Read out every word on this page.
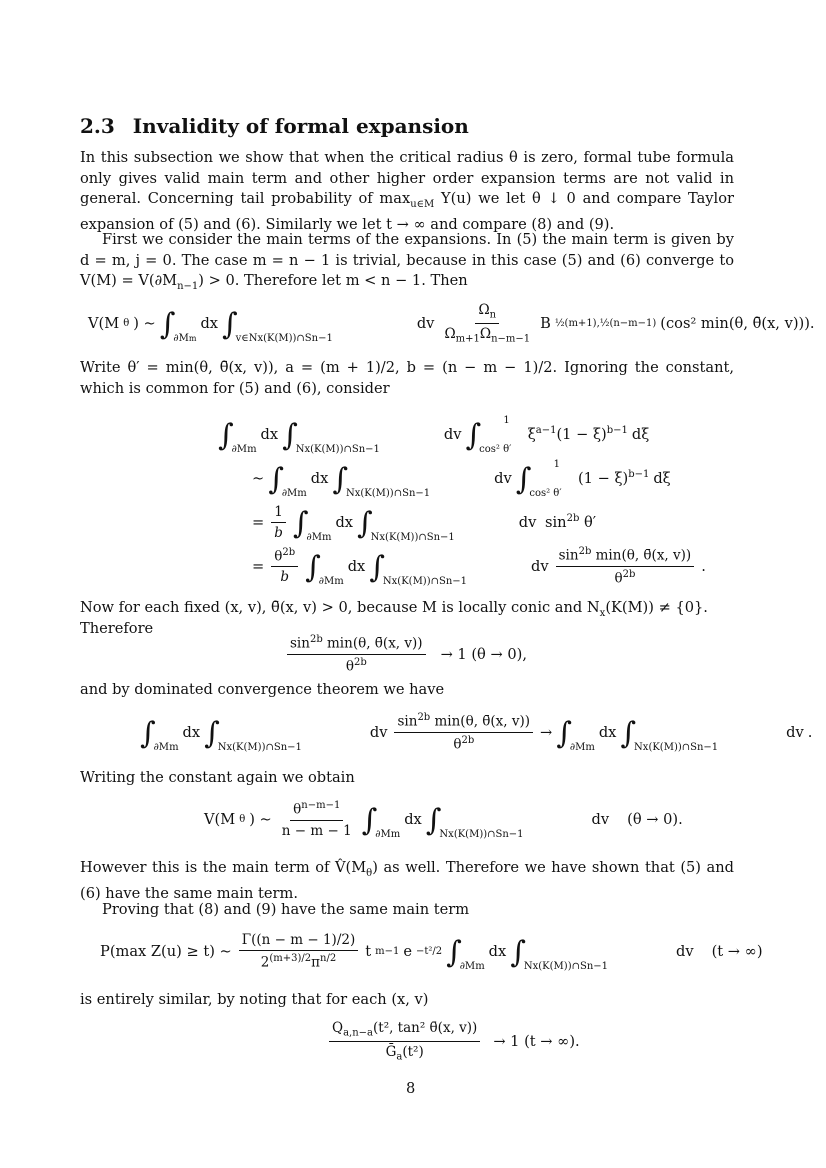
2.3 Invalidity of formal expansion
In this subsection we show that when the critical radius θ is zero, formal tube formula only gives valid main term and other higher order expansion terms are not valid in general. Concerning tail probability of $\max_{u\in M} Y(u)$ we let θ ↓ 0 and compare Taylor expansion of (5) and (6). Similarly we let t → ∞ and compare (8) and (9).
First we consider the main terms of the expansions. In (5) the main term is given by d = m, j = 0. The case m = n − 1 is trivial, because in this case (5) and (6) converge to $V(M) = V(\partial M_{n-1}) > 0$. Therefore let m < n − 1. Then
V(M θ ) ∼ ∫
∂Mm
dx ∫
v∈Nx(K(M))∩Sn−1
dv $\frac{\Omega_n}{\Omega_{m+1}\Omega_{n-m-1}}$ B ½(m+1),½(n−m−1) (cos² min(θ, θ̄(x, v))).
Write θ′ = min(θ, θ̄(x, v)), a = (m + 1)/2, b = (n − m − 1)/2. Ignoring the constant, which is common for (5) and (6), consider
∫
∂Mm
dx ∫
Nx(K(M))∩Sn−1
dv ∫
cos² θ′
1
$\xi^{a-1}(1 - \xi)^{b-1}$ dξ
∼ ∫
∂Mm
dx ∫
Nx(K(M))∩Sn−1
dv ∫
cos² θ′
1
$(1 - \xi)^{b-1}$ dξ
= $\frac{1}{b}$ ∫
∂Mm
dx ∫
Nx(K(M))∩Sn−1
dv $\sin^{2b} \theta'$
= $\frac{\theta^{2b}}{b}$ ∫
∂Mm
dx ∫
Nx(K(M))∩Sn−1
dv $\frac{\sin^{2b} \min(\theta, \thetā(x, v))}{\theta^{2b}}$ .
Now for each fixed (x, v), θ̄(x, v) > 0, because M is locally conic and $N_x(K(M)) \ne \{0\}$.
Therefore
$\frac{\sin^{2b} \min(\theta, \thetā(x, v))}{\theta^{2b}} \to 1$ (θ → 0),
and by dominated convergence theorem we have
∫
∂Mm
dx ∫
Nx(K(M))∩Sn−1
dv $\frac{\sin^{2b} \min(\theta, \thetā(x, v))}{\theta^{2b}}$ → ∫
∂Mm
dx ∫
Nx(K(M))∩Sn−1
dv .
Writing the constant again we obtain
V(M θ ) ∼ $\frac{\theta^{n-m-1}}{n - m - 1}$ ∫
∂Mm
dx ∫
Nx(K(M))∩Sn−1
dv (θ → 0).
However this is the main term of $V̂(M_\theta)$ as well. Therefore we have shown that (5) and (6) have the same main term.
Proving that (8) and (9) have the same main term
P(max Z(u) ≥ t) ∼ $\frac{\Gamma((n - m - 1)/2)}{2^{(m+3)/2}\pi^{n/2}}$ t m−1 e −t²/2 ∫
∂Mm
dx ∫
Nx(K(M))∩Sn−1
dv (t → ∞)
is entirely similar, by noting that for each (x, v)
$\frac{Q_{a,n-a}(t^2, \tan^2 \thetā(x, v))}{Ḡ_a(t^2)} \to 1$ (t → ∞).
8
